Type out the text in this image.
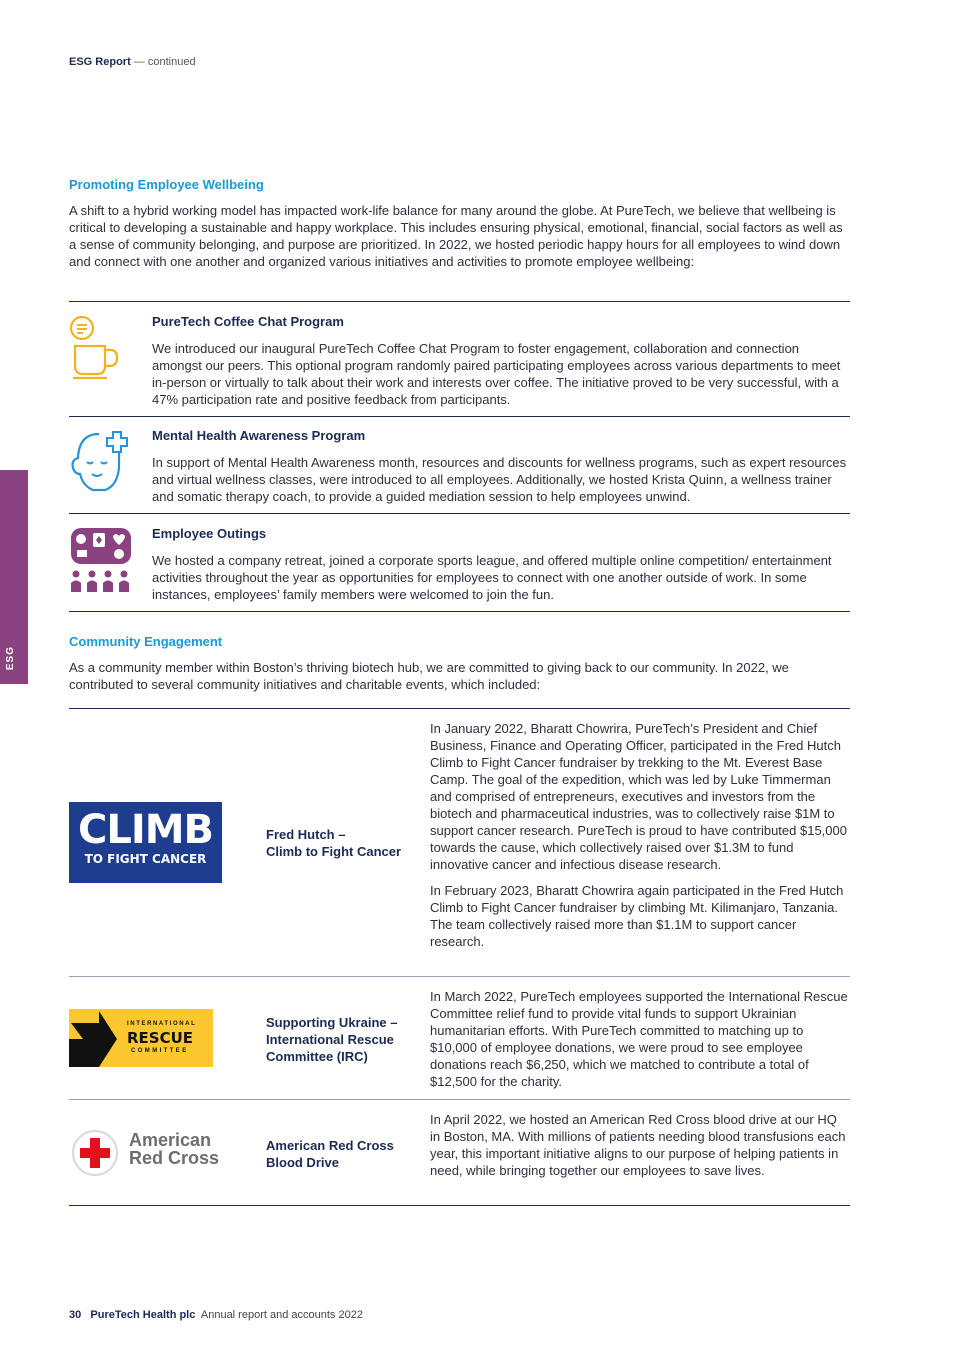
ESG Report — continued
ESG
Promoting Employee Wellbeing
A shift to a hybrid working model has impacted work-life balance for many around the globe. At PureTech, we believe that wellbeing is critical to developing a sustainable and happy workplace. This includes ensuring physical, emotional, financial, social factors as well as a sense of community belonging, and purpose are prioritized. In 2022, we hosted periodic happy hours for all employees to wind down and connect with one another and organized various initiatives and activities to promote employee wellbeing:
PureTech Coffee Chat Program
We introduced our inaugural PureTech Coffee Chat Program to foster engagement, collaboration and connection amongst our peers. This optional program randomly paired participating employees across various departments to meet in-person or virtually to talk about their work and interests over coffee. The initiative proved to be very successful, with a 47% participation rate and positive feedback from participants.
Mental Health Awareness Program
In support of Mental Health Awareness month, resources and discounts for wellness programs, such as expert resources and virtual wellness classes, were introduced to all employees. Additionally, we hosted Krista Quinn, a wellness trainer and somatic therapy coach, to provide a guided mediation session to help employees unwind.
Employee Outings
We hosted a company retreat, joined a corporate sports league, and offered multiple online competition/ entertainment activities throughout the year as opportunities for employees to connect with one another outside of work. In some instances, employees’ family members were welcomed to join the fun.
Community Engagement
As a community member within Boston’s thriving biotech hub, we are committed to giving back to our community. In 2022, we contributed to several community initiatives and charitable events, which included:
CLIMB
TO FIGHT CANCER
Fred Hutch –
Climb to Fight Cancer

In January 2022, Bharatt Chowrira, PureTech’s President and Chief Business, Finance and Operating Officer, participated in the Fred Hutch Climb to Fight Cancer fundraiser by trekking to the Mt. Everest Base Camp. The goal of the expedition, which was led by Luke Timmerman and comprised of entrepreneurs, executives and investors from the biotech and pharmaceutical industries, was to collectively raise $1M to support cancer research. PureTech is proud to have contributed $15,000 towards the cause, which collectively raised over $1.3M to fund innovative cancer and infectious disease research.

In February 2023, Bharatt Chowrira again participated in the Fred Hutch Climb to Fight Cancer fundraiser by climbing Mt. Kilimanjaro, Tanzania. The team collectively raised more than $1.1M to support cancer research.

INTERNATIONAL
RESCUE
COMMITTEE
Supporting Ukraine –
International Rescue
Committee (IRC)

In March 2022, PureTech employees supported the International Rescue Committee relief fund to provide vital funds to support Ukrainian humanitarian efforts. With PureTech committed to matching up to $10,000 of employee donations, we were proud to see employee donations reach $6,250, which we matched to contribute a total of $12,500 for the charity.

American
Red Cross
American Red Cross
Blood Drive

In April 2022, we hosted an American Red Cross blood drive at our HQ in Boston, MA. With millions of patients needing blood transfusions each year, this important initiative aligns to our purpose of helping patients in need, while bringing together our employees to save lives.

30 PureTech Health plc Annual report and accounts 2022
